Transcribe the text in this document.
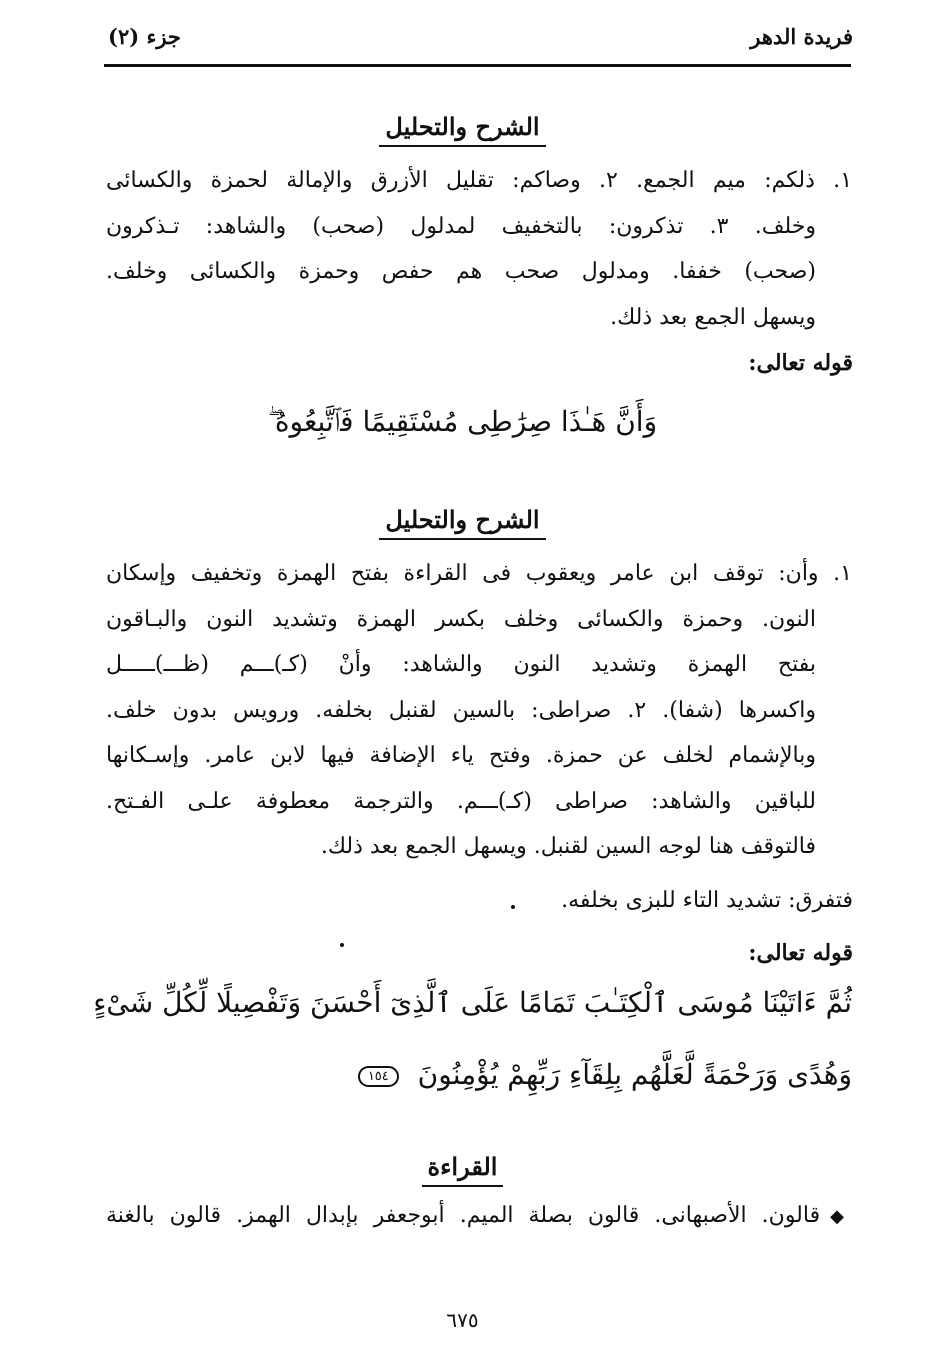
فريدة الدهر
جزء (٢)
الشرح والتحليل
١. ذلكم: ميم الجمع. ٢. وصاكم: تقليل الأزرق والإمالة لحمزة والكسائى
وخلف. ٣. تذكرون: بالتخفيف لمدلول (صحب) والشاهد: تـذكرون
(صحب) خففا. ومدلول صحب هم حفص وحمزة والكسائى وخلف.
ويسهل الجمع بعد ذلك.
قوله تعالى:
وَأَنَّ هَـٰذَا صِرَٰطِى مُسْتَقِيمًا فَٱتَّبِعُوهُ ۖ
الشرح والتحليل
١. وأن: توقف ابن عامر ويعقوب فى القراءة بفتح الهمزة وتخفيف وإسكان
النون. وحمزة والكسائى وخلف بكسر الهمزة وتشديد النون والبـاقون
بفتح الهمزة وتشديد النون والشاهد: وأنْ (كـ)ـــم (ظـــ)ـــــل
واكسرها (شفا). ٢. صراطى: بالسين لقنبل بخلفه. ورويس بدون خلف.
وبالإشمام لخلف عن حمزة. وفتح ياء الإضافة فيها لابن عامر. وإسـكانها
للباقين والشاهد: صراطى (كـ)ـــم. والترجمة معطوفة علـى الفـتح.
فالتوقف هنا لوجه السين لقنبل. ويسهل الجمع بعد ذلك.
فتفرق: تشديد التاء للبزى بخلفه.
قوله تعالى:
ثُمَّ ءَاتَيْنَا مُوسَى ٱلْكِتَـٰبَ تَمَامًا عَلَى ٱلَّذِىٓ أَحْسَنَ وَتَفْصِيلًا لِّكُلِّ شَىْءٍ
وَهُدًى وَرَحْمَةً لَّعَلَّهُم بِلِقَآءِ رَبِّهِمْ يُؤْمِنُونَ ١٥٤
القراءة
◆قالون. الأصبهانى. قالون بصلة الميم. أبوجعفر بإبدال الهمز. قالون بالغنة
٦٧٥
